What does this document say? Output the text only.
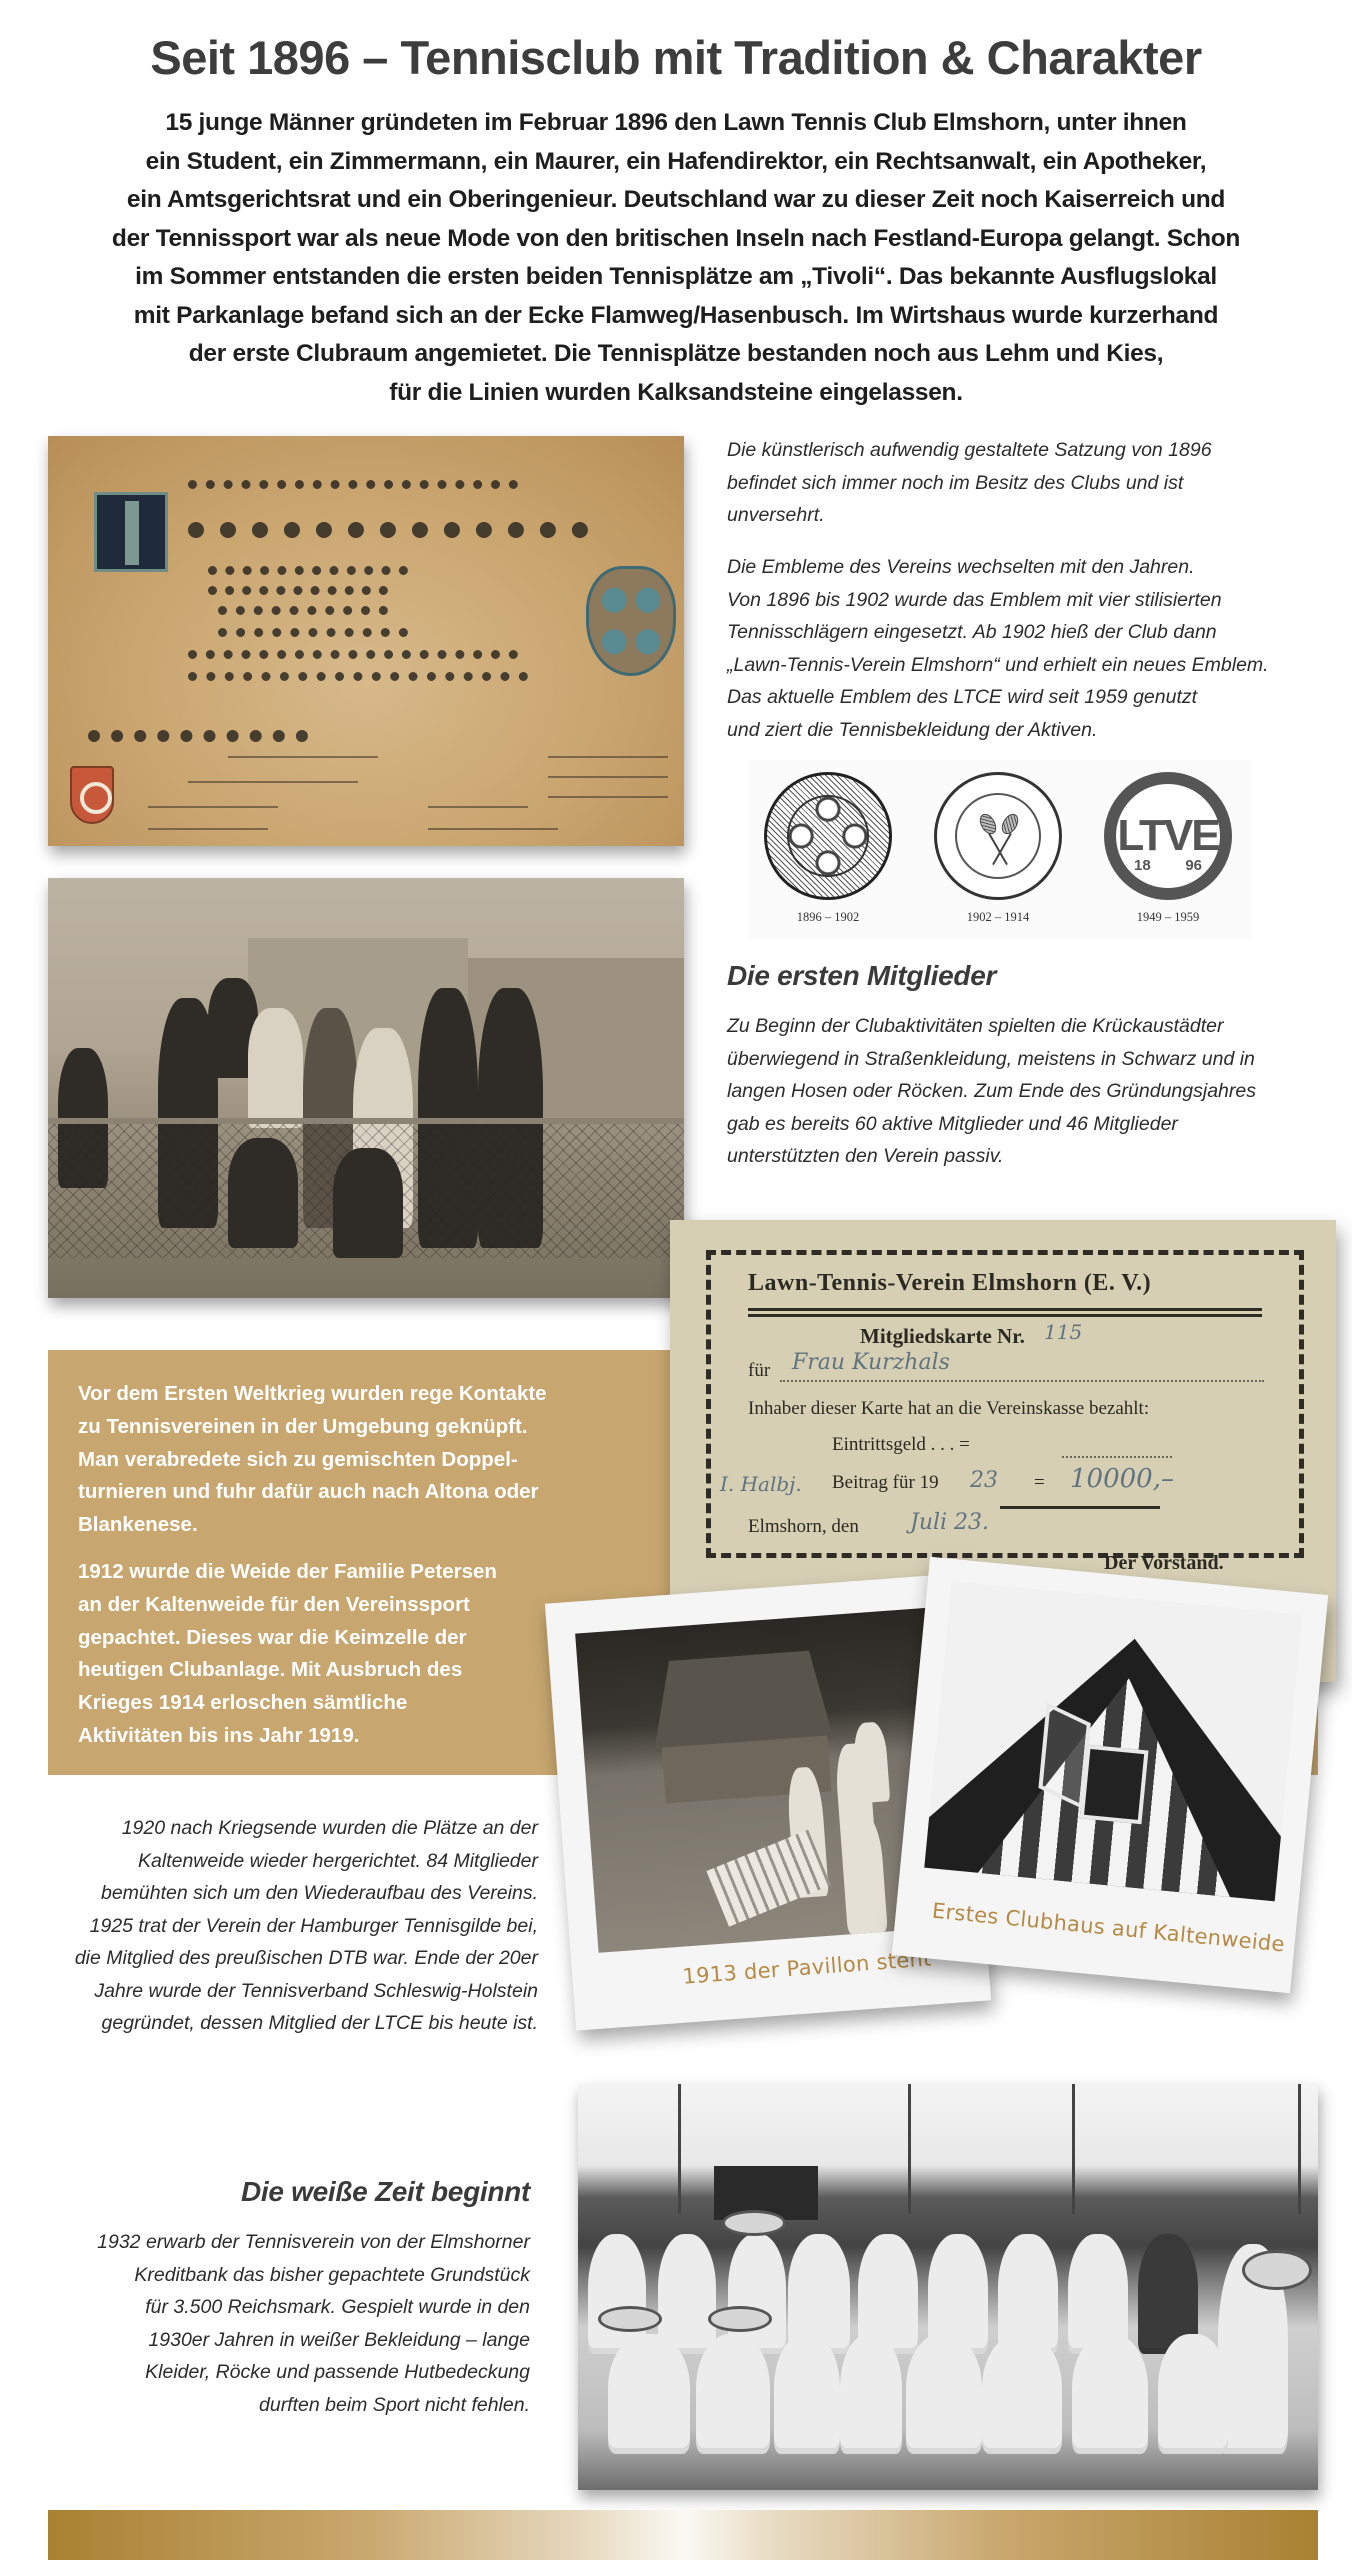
Seit 1896 – Tennisclub mit Tradition & Charakter
15 junge Männer gründeten im Februar 1896 den Lawn Tennis Club Elmshorn, unter ihnen
ein Student, ein Zimmermann, ein Maurer, ein Hafendirektor, ein Rechtsanwalt, ein Apotheker,
ein Amtsgerichtsrat und ein Oberingenieur. Deutschland war zu dieser Zeit noch Kaiserreich und
der Tennissport war als neue Mode von den britischen Inseln nach Festland-Europa gelangt. Schon
im Sommer entstanden die ersten beiden Tennisplätze am „Tivoli“. Das bekannte Ausflugslokal
mit Parkanlage befand sich an der Ecke Flamweg/Hasenbusch. Im Wirtshaus wurde kurzerhand
der erste Clubraum angemietet. Die Tennisplätze bestanden noch aus Lehm und Kies,
für die Linien wurden Kalksandsteine eingelassen.

Die künstlerisch aufwendig gestaltete Satzung von 1896

befindet sich immer noch im Besitz des Clubs und ist

unversehrt.

Die Embleme des Vereins wechselten mit den Jahren.

Von 1896 bis 1902 wurde das Emblem mit vier stilisierten

Tennisschlägern eingesetzt. Ab 1902 hieß der Club dann

„Lawn-Tennis-Verein Elmshorn“ und erhielt ein neues Emblem.

Das aktuelle Emblem des LTCE wird seit 1959 genutzt

und ziert die Tennisbekleidung der Aktiven.

LTVE
18 96
1896 – 1902	1902 – 1914	1949 – 1959
Die ersten Mitglieder

Zu Beginn der Clubaktivitäten spielten die Krückaustädter

überwiegend in Straßenkleidung, meistens in Schwarz und in

langen Hosen oder Röcken. Zum Ende des Gründungsjahres

gab es bereits 60 aktive Mitglieder und 46 Mitglieder

unterstützten den Verein passiv.

Vor dem Ersten Weltkrieg wurden rege Kontakte
zu Tennisvereinen in der Umgebung geknüpft.
Man verabredete sich zu gemischten Doppel-
turnieren und fuhr dafür auch nach Altona oder
Blankenese.

1912 wurde die Weide der Familie Petersen
an der Kaltenweide für den Vereinssport
gepachtet. Dieses war die Keimzelle der
heutigen Clubanlage. Mit Ausbruch des
Krieges 1914 erloschen sämtliche
Aktivitäten bis ins Jahr 1919.

Lawn-Tennis-Verein Elmshorn (E. V.)
Mitgliedskarte Nr. 115
für Frau Kurzhals
Inhaber dieser Karte hat an die Vereinskasse bezahlt:
Eintrittsgeld . . . =
I. Halbj. Beitrag für 19 23 = 10000,–
Elmshorn, den Juli 23.
Der Vorstand.

1920 nach Kriegsende wurden die Plätze an der

Kaltenweide wieder hergerichtet. 84 Mitglieder

bemühten sich um den Wiederaufbau des Vereins.

1925 trat der Verein der Hamburger Tennisgilde bei,

die Mitglied des preußischen DTB war. Ende der 20er

Jahre wurde der Tennisverband Schleswig-Holstein

gegründet, dessen Mitglied der LTCE bis heute ist.

1913 der Pavillon steht
Erstes Clubhaus auf Kaltenweide
Die weiße Zeit beginnt

1932 erwarb der Tennisverein von der Elmshorner

Kreditbank das bisher gepachtete Grundstück

für 3.500 Reichsmark. Gespielt wurde in den

1930er Jahren in weißer Bekleidung – lange

Kleider, Röcke und passende Hutbedeckung

durften beim Sport nicht fehlen.
